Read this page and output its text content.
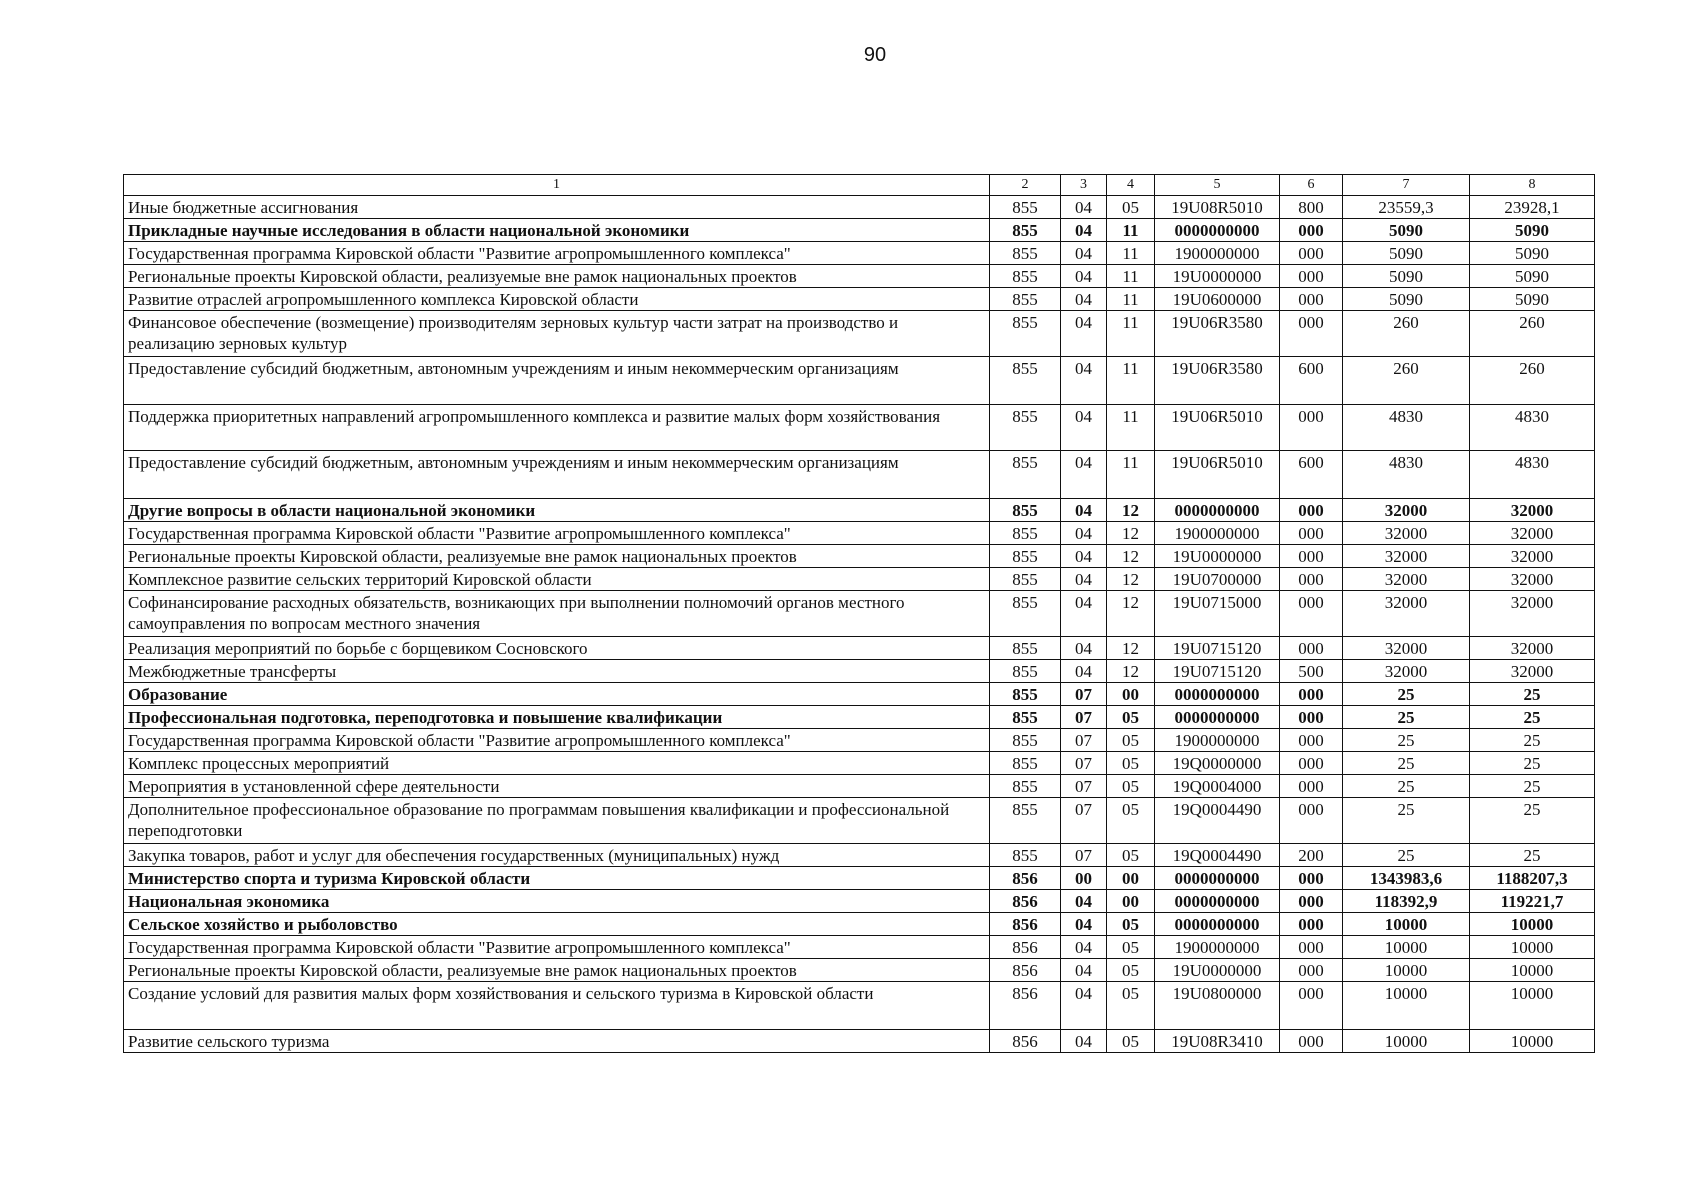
90
1	2	3	4	5	6	7	8
Иные бюджетные ассигнования	855	04	05	19U08R5010	800	23559,3	23928,1
Прикладные научные исследования в области национальной экономики	855	04	11	0000000000	000	5090	5090
Государственная программа Кировской области "Развитие агропромышленного комплекса"	855	04	11	1900000000	000	5090	5090
Региональные проекты Кировской области, реализуемые вне рамок национальных проектов	855	04	11	19U0000000	000	5090	5090
Развитие отраслей агропромышленного комплекса Кировской области	855	04	11	19U0600000	000	5090	5090
Финансовое обеспечение (возмещение) производителям зерновых культур части затрат на производство и реализацию зерновых культур	855	04	11	19U06R3580	000	260	260
Предоставление субсидий бюджетным, автономным учреждениям и иным некоммерческим организациям	855	04	11	19U06R3580	600	260	260
Поддержка приоритетных направлений агропромышленного комплекса и развитие малых форм хозяйствования	855	04	11	19U06R5010	000	4830	4830
Предоставление субсидий бюджетным, автономным учреждениям и иным некоммерческим организациям	855	04	11	19U06R5010	600	4830	4830
Другие вопросы в области национальной экономики	855	04	12	0000000000	000	32000	32000
Государственная программа Кировской области "Развитие агропромышленного комплекса"	855	04	12	1900000000	000	32000	32000
Региональные проекты Кировской области, реализуемые вне рамок национальных проектов	855	04	12	19U0000000	000	32000	32000
Комплексное развитие сельских территорий Кировской области	855	04	12	19U0700000	000	32000	32000
Софинансирование расходных обязательств, возникающих при выполнении полномочий органов местного самоуправления по вопросам местного значения	855	04	12	19U0715000	000	32000	32000
Реализация мероприятий по борьбе с борщевиком Сосновского	855	04	12	19U0715120	000	32000	32000
Межбюджетные трансферты	855	04	12	19U0715120	500	32000	32000
Образование	855	07	00	0000000000	000	25	25
Профессиональная подготовка, переподготовка и повышение квалификации	855	07	05	0000000000	000	25	25
Государственная программа Кировской области "Развитие агропромышленного комплекса"	855	07	05	1900000000	000	25	25
Комплекс процессных мероприятий	855	07	05	19Q0000000	000	25	25
Мероприятия в установленной сфере деятельности	855	07	05	19Q0004000	000	25	25
Дополнительное профессиональное образование по программам повышения квалификации и профессиональной переподготовки	855	07	05	19Q0004490	000	25	25
Закупка товаров, работ и услуг для обеспечения государственных (муниципальных) нужд	855	07	05	19Q0004490	200	25	25
Министерство спорта и туризма Кировской области	856	00	00	0000000000	000	1343983,6	1188207,3
Национальная экономика	856	04	00	0000000000	000	118392,9	119221,7
Сельское хозяйство и рыболовство	856	04	05	0000000000	000	10000	10000
Государственная программа Кировской области "Развитие агропромышленного комплекса"	856	04	05	1900000000	000	10000	10000
Региональные проекты Кировской области, реализуемые вне рамок национальных проектов	856	04	05	19U0000000	000	10000	10000
Создание условий для развития малых форм хозяйствования и сельского туризма в Кировской области	856	04	05	19U0800000	000	10000	10000
Развитие сельского туризма	856	04	05	19U08R3410	000	10000	10000
